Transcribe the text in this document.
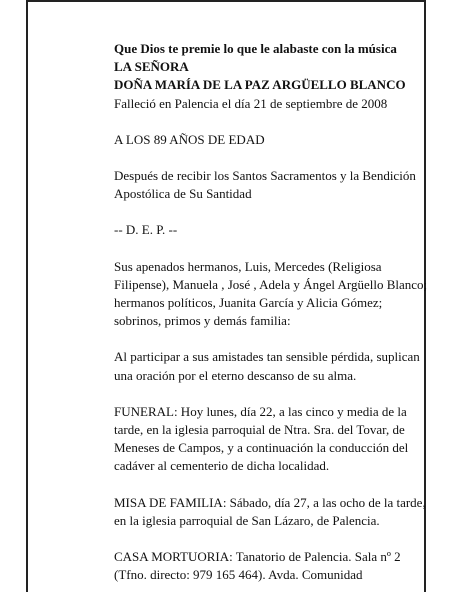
Que Dios te premie lo que le alabaste con la música

LA SEÑORA

DOÑA MARÍA DE LA PAZ ARGÜELLO BLANCO

Falleció en Palencia el día 21 de septiembre de 2008

A LOS 89 AÑOS DE EDAD

Después de recibir los Santos Sacramentos y la Bendición Apostólica de Su Santidad

-- D. E. P. --

Sus apenados hermanos, Luis, Mercedes (Religiosa Filipense), Manuela , José , Adela y Ángel Argüello Blanco; hermanos políticos, Juanita García y Alicia Gómez; sobrinos, primos y demás familia:

Al participar a sus amistades tan sensible pérdida, suplican una oración por el eterno descanso de su alma.

FUNERAL: Hoy lunes, día 22, a las cinco y media de la tarde, en la iglesia parroquial de Ntra. Sra. del Tovar, de Meneses de Campos, y a continuación la conducción del cadáver al cementerio de dicha localidad.

MISA DE FAMILIA: Sábado, día 27, a las ocho de la tarde, en la iglesia parroquial de San Lázaro, de Palencia.

CASA MORTUORIA: Tanatorio de Palencia. Sala nº 2 (Tfno. directo: 979 165 464). Avda. Comunidad
